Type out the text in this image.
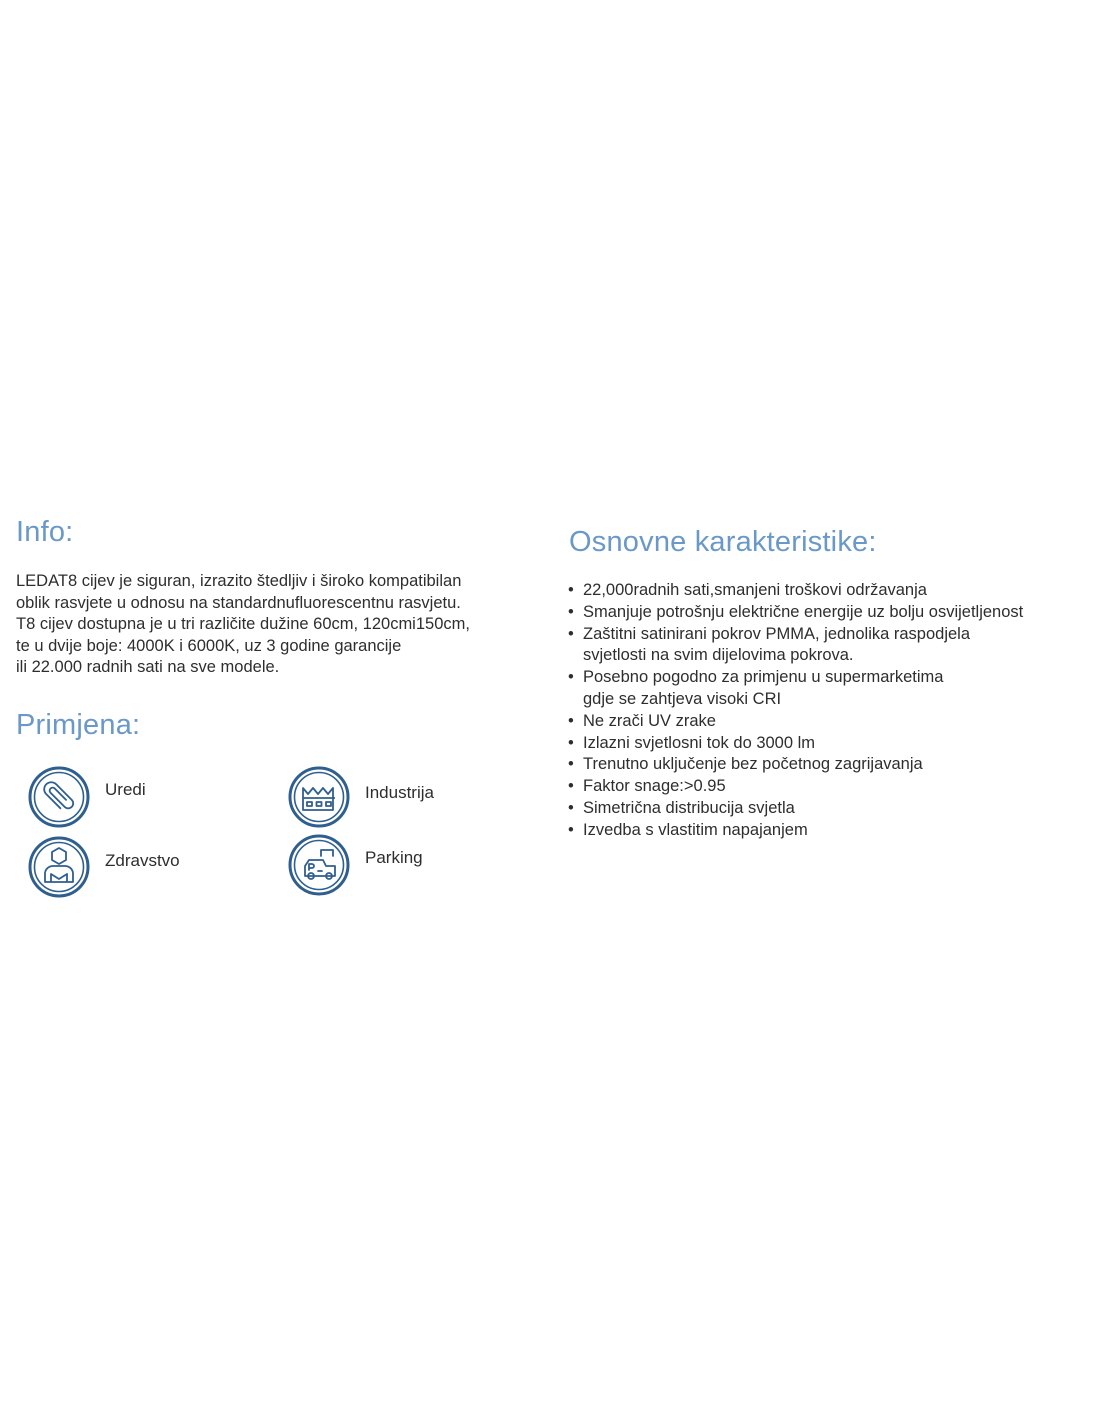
Info:
LEDAT8 cijev je siguran, izrazito štedljiv i široko kompatibilan
oblik rasvjete u odnosu na standardnufluorescentnu rasvjetu.
T8 cijev dostupna je u tri različite dužine 60cm, 120cmi150cm,
te u dvije boje: 4000K i 6000K, uz 3 godine garancije
ili 22.000 radnih sati na sve modele.
Primjena:
Uredi	Industrija
Zdravstvo	Parking
Osnovne karakteristike:
• 22,000radnih sati,smanjeni troškovi održavanja
• Smanjuje potrošnju električne energije uz bolju osvijetljenost
• Zaštitni satinirani pokrov PMMA, jednolika raspodjela
svjetlosti na svim dijelovima pokrova.
• Posebno pogodno za primjenu u supermarketima
gdje se zahtjeva visoki CRI
• Ne zrači UV zrake
• Izlazni svjetlosni tok do 3000 lm
• Trenutno uključenje bez početnog zagrijavanja
• Faktor snage:>0.95
• Simetrična distribucija svjetla
• Izvedba s vlastitim napajanjem
